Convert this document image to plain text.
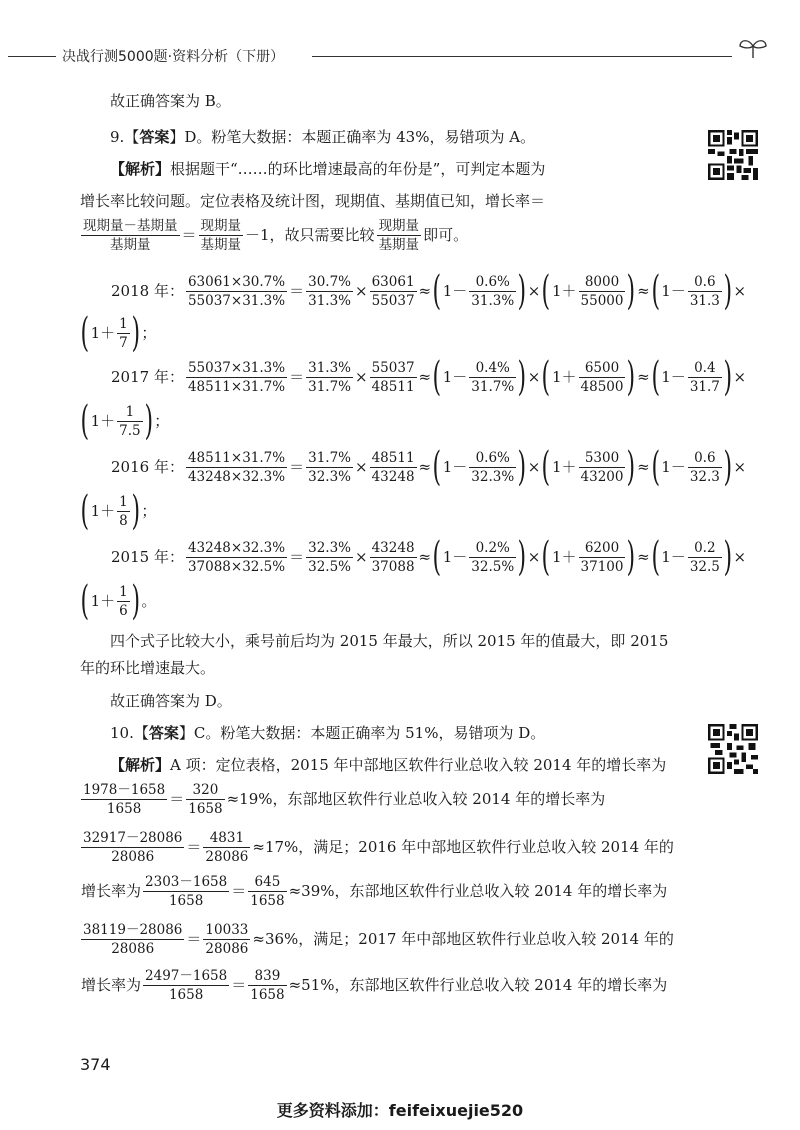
决战行测5000题·资料分析（下册）
故正确答案为 B。
9.【答案】D。粉笔大数据：本题正确率为 43%，易错项为 A。
【解析】根据题干“……的环比增速最高的年份是”，可判定本题为
增长率比较问题。定位表格及统计图，现期值、基期值已知，增长率＝
$\frac{\text{现期量－基期量}}{\text{基期量}} = \frac{\text{现期量}}{\text{基期量}} -1$，故只需要比较 $\frac{\text{现期量}}{\text{基期量}}$ 即可。
2018 年： $\frac{63061\times 30.7\%}{55037\times 31.3\%} = \frac{30.7\%}{31.3\%} \times \frac{63061}{55037}$ ≈( $1- \frac{0.6\%}{31.3\%}$ ) ×( $1+ \frac{8000}{55000}$ ) ≈( $1- \frac{0.6}{31.3}$ ) ×
( $1+ \frac{1}{7}$ ) ；
2017 年： $\frac{55037\times 31.3\%}{48511\times 31.7\%} = \frac{31.3\%}{31.7\%} \times \frac{55037}{48511}$ ≈( $1- \frac{0.4\%}{31.7\%}$ ) ×( $1+ \frac{6500}{48500}$ ) ≈( $1- \frac{0.4}{31.7}$ ) ×
( $1+ \frac{1}{7.5}$ ) ；
2016 年： $\frac{48511\times 31.7\%}{43248\times 32.3\%} = \frac{31.7\%}{32.3\%} \times \frac{48511}{43248}$ ≈( $1- \frac{0.6\%}{32.3\%}$ ) ×( $1+ \frac{5300}{43200}$ ) ≈( $1- \frac{0.6}{32.3}$ ) ×
( $1+ \frac{1}{8}$ ) ；
2015 年： $\frac{43248\times 32.3\%}{37088\times 32.5\%} = \frac{32.3\%}{32.5\%} \times \frac{43248}{37088}$ ≈( $1- \frac{0.2\%}{32.5\%}$ ) ×( $1+ \frac{6200}{37100}$ ) ≈( $1- \frac{0.2}{32.5}$ ) ×
( $1+ \frac{1}{6}$ ) 。
四个式子比较大小，乘号前后均为 2015 年最大，所以 2015 年的值最大，即 2015
年的环比增速最大。
故正确答案为 D。
10.【答案】C。粉笔大数据：本题正确率为 51%，易错项为 D。
【解析】A 项：定位表格，2015 年中部地区软件行业总收入较 2014 年的增长率为
$\frac{1978-1658}{1658} = \frac{320}{1658} \approx 19\%$，东部地区软件行业总收入较 2014 年的增长率为
$\frac{32917-28086}{28086} = \frac{4831}{28086} \approx 17\%$，满足；2016 年中部地区软件行业总收入较 2014 年的
增长率为 $\frac{2303-1658}{1658} = \frac{645}{1658} \approx 39\%$，东部地区软件行业总收入较 2014 年的增长率为
$\frac{38119-28086}{28086} = \frac{10033}{28086} \approx 36\%$，满足；2017 年中部地区软件行业总收入较 2014 年的
增长率为 $\frac{2497-1658}{1658} = \frac{839}{1658} \approx 51\%$，东部地区软件行业总收入较 2014 年的增长率为
374
更多资料添加：feifeixuejie520
